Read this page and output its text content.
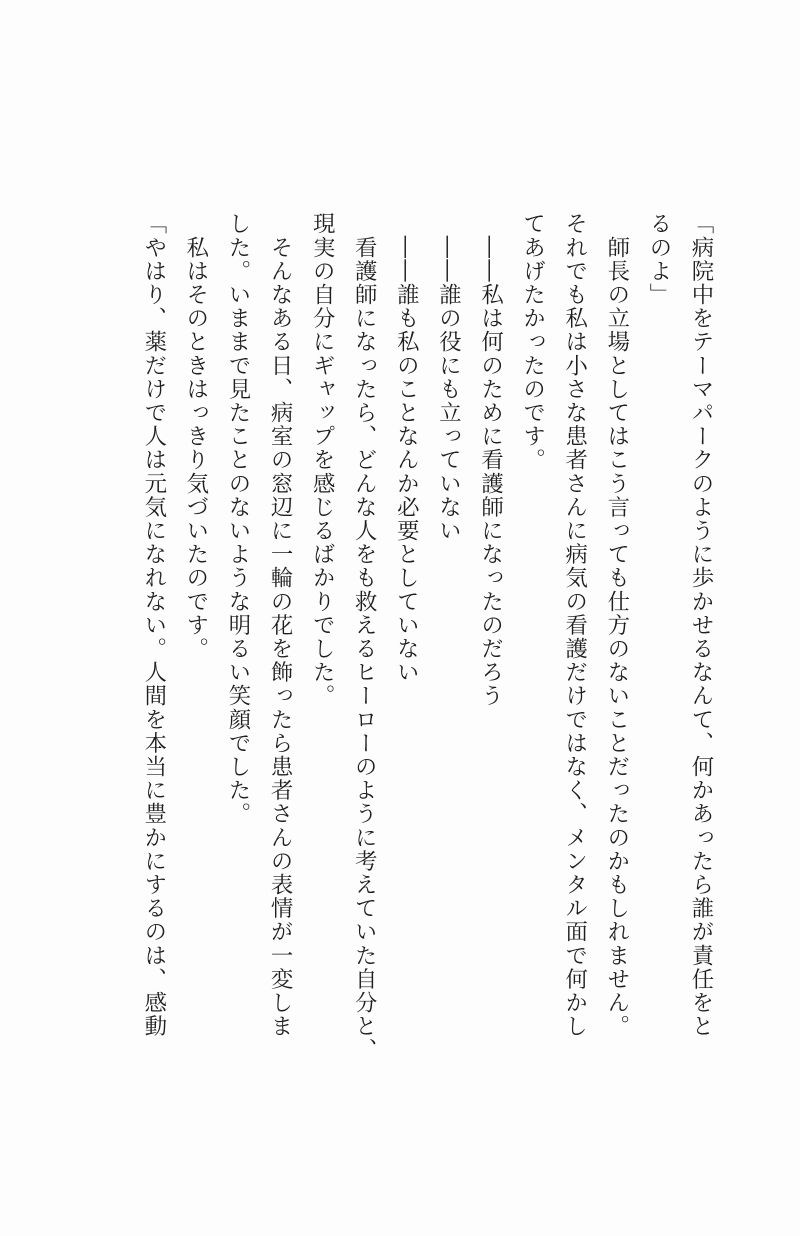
「病院中をテーマパークのように歩かせるなんて、何かあったら誰が責任をと
るのよ」
　師長の立場としてはこう言っても仕方のないことだったのかもしれません。
それでも私は小さな患者さんに病気の看護だけではなく、メンタル面で何かし
てあげたかったのです。
　――私は何のために看護師になったのだろう
　――誰の役にも立っていない
　――誰も私のことなんか必要としていない
　看護師になったら、どんな人をも救えるヒーローのように考えていた自分と、
現実の自分にギャップを感じるばかりでした。
　そんなある日、病室の窓辺に一輪の花を飾ったら患者さんの表情が一変しま
した。いままで見たことのないような明るい笑顔でした。
　私はそのときはっきり気づいたのです。
「やはり、薬だけで人は元気になれない。人間を本当に豊かにするのは、感動
